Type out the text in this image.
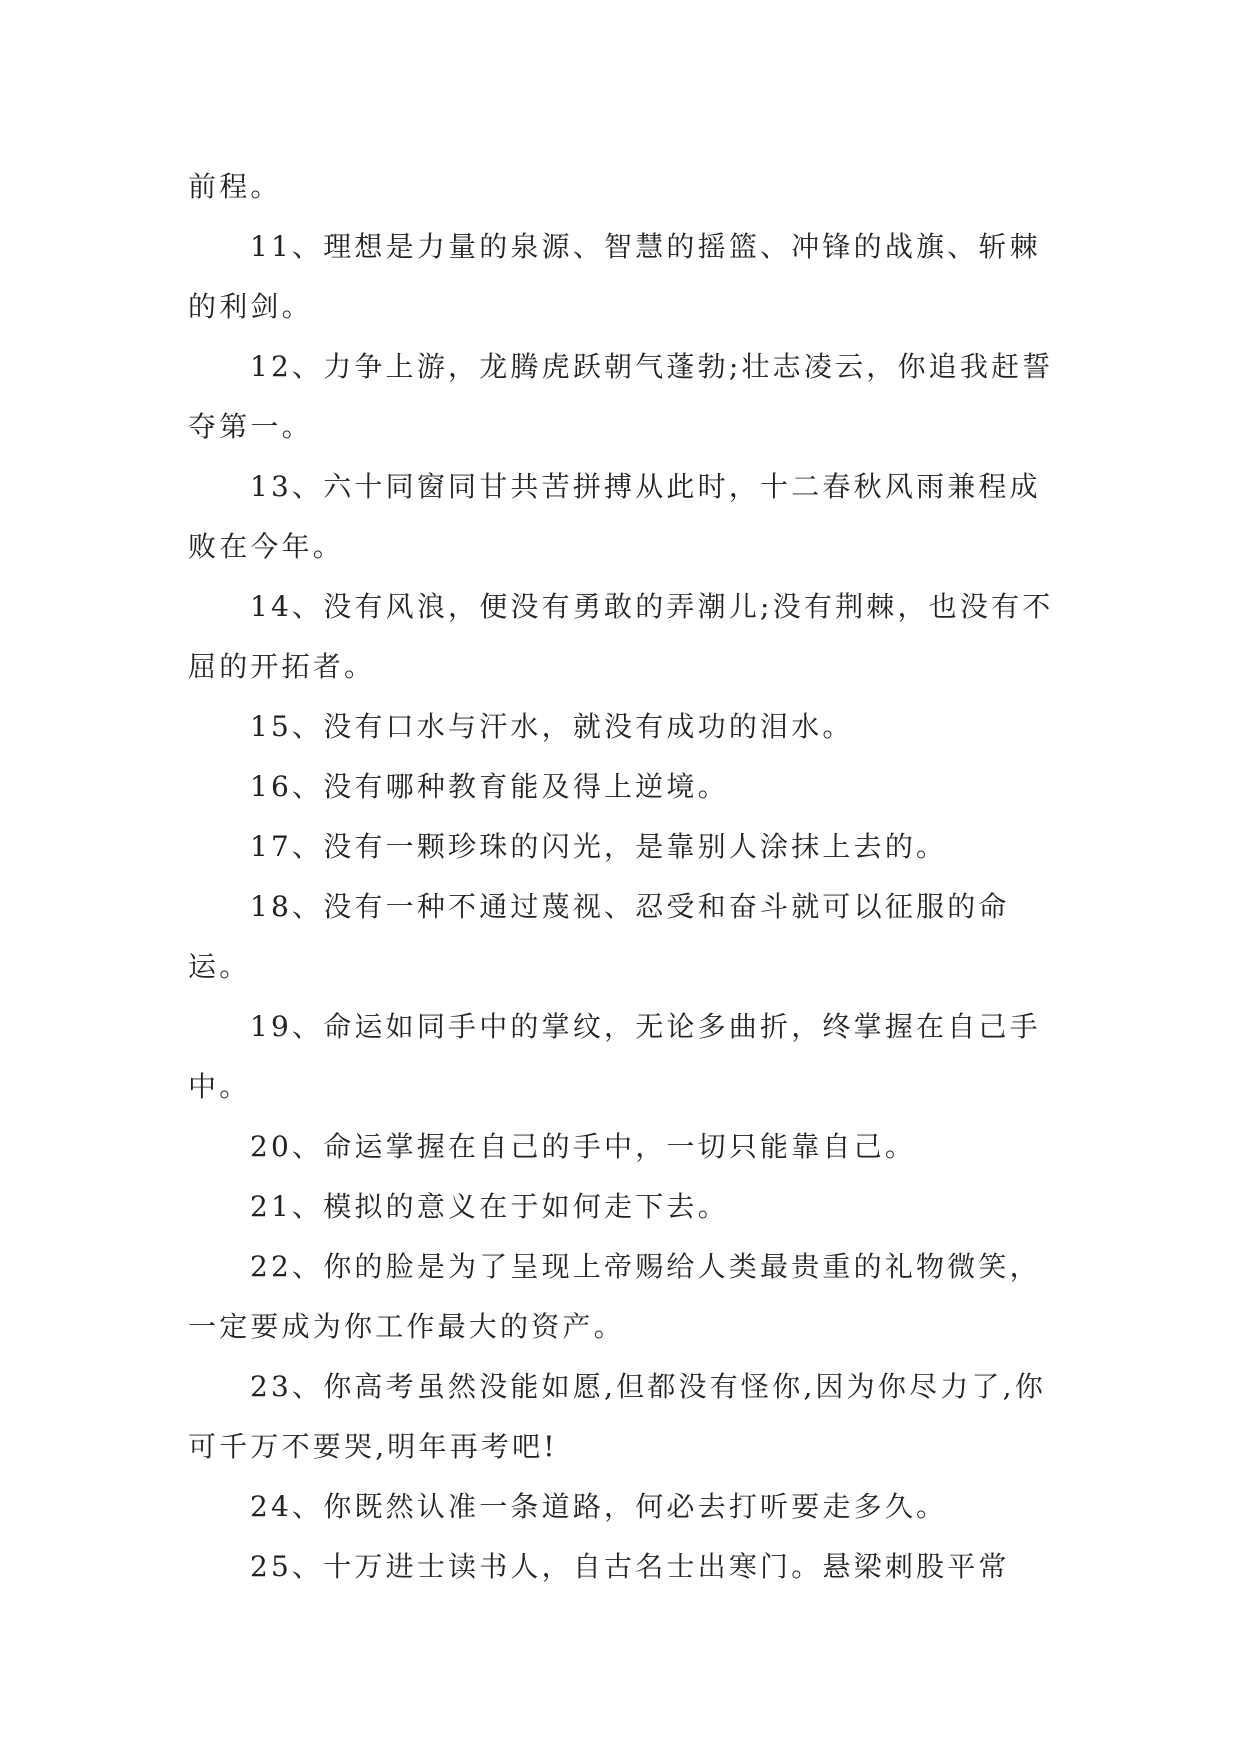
前程。

11、理想是力量的泉源、智慧的摇篮、冲锋的战旗、斩棘的利剑。

12、力争上游，龙腾虎跃朝气蓬勃;壮志凌云，你追我赶誓夺第一。

13、六十同窗同甘共苦拼搏从此时，十二春秋风雨兼程成败在今年。

14、没有风浪，便没有勇敢的弄潮儿;没有荆棘，也没有不屈的开拓者。

15、没有口水与汗水，就没有成功的泪水。

16、没有哪种教育能及得上逆境。

17、没有一颗珍珠的闪光，是靠别人涂抹上去的。

18、没有一种不通过蔑视、忍受和奋斗就可以征服的命运。

19、命运如同手中的掌纹，无论多曲折，终掌握在自己手中。

20、命运掌握在自己的手中，一切只能靠自己。

21、模拟的意义在于如何走下去。

22、你的脸是为了呈现上帝赐给人类最贵重的礼物微笑，一定要成为你工作最大的资产。

23、你高考虽然没能如愿,但都没有怪你,因为你尽力了,你可千万不要哭,明年再考吧!

24、你既然认准一条道路，何必去打听要走多久。

25、十万进士读书人，自古名士出寒门。悬梁刺股平常
